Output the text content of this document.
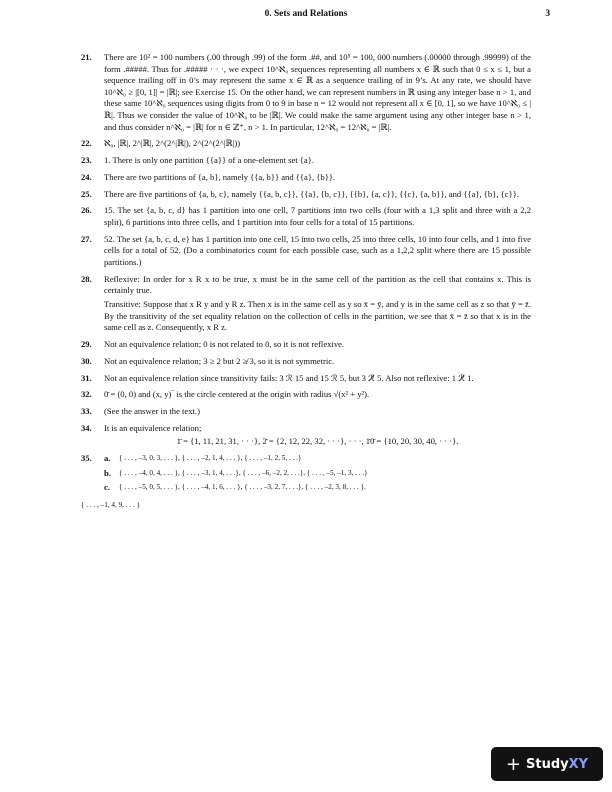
0. Sets and Relations	3
21.	There are 10² = 100 numbers (.00 through .99) of the form .##, and 10⁵ = 100, 000 numbers (.00000 through .99999) of the form .#####. Thus for .##### · · ·, we expect 10^ℵ₀ sequences representing all numbers x ∈ ℝ such that 0 ≤ x ≤ 1, but a sequence trailing off in 0’s may represent the same x ∈ ℝ as a sequence trailing of in 9’s. At any rate, we should have 10^ℵ₀ ≥ |[0, 1]| = |ℝ|; see Exercise 15. On the other hand, we can represent numbers in ℝ using any integer base n > 1, and these same 10^ℵ₀ sequences using digits from 0 to 9 in base n = 12 would not represent all x ∈ [0, 1], so we have 10^ℵ₀ ≤ |ℝ|. Thus we consider the value of 10^ℵ₀ to be |ℝ|. We could make the same argument using any other integer base n > 1, and thus consider n^ℵ₀ = |ℝ| for n ∈ ℤ⁺, n > 1. In particular, 12^ℵ₀ = 12^ℵ₀ = |ℝ|.

22.	ℵ₀, |ℝ|, 2^|ℝ|, 2^(2^|ℝ|), 2^(2^(2^|ℝ|))

23.	1. There is only one partition {{a}} of a one-element set {a}.

24.	There are two partitions of {a, b}, namely {{a, b}} and {{a}, {b}}.

25.	There are five partitions of {a, b, c}, namely {{a, b, c}}, {{a}, {b, c}}, {{b}, {a, c}}, {{c}, {a, b}}, and {{a}, {b}, {c}}.

26.	15. The set {a, b, c, d} has 1 partition into one cell, 7 partitions into two cells (four with a 1,3 split and three with a 2,2 split), 6 partitions into three cells, and 1 partition into four cells for a total of 15 partitions.

27.	52. The set {a, b, c, d, e} has 1 partition into one cell, 15 into two cells, 25 into three cells, 10 into four cells, and 1 into five cells for a total of 52. (Do a combinatorics count for each possible case, such as a 1,2,2 split where there are 15 possible partitions.)

28.	Reflexive: In order for x R x to be true, x must be in the same cell of the partition as the cell that contains x. This is certainly true.

Transitive: Suppose that x R y and y R z. Then x is in the same cell as y so x̄ = ȳ, and y is in the same cell as z so that ȳ = z̄. By the transitivity of the set equality relation on the collection of cells in the partition, we see that x̄ = z̄ so that x is in the same cell as z. Consequently, x R z.

29.	Not an equivalence relation; 0 is not related to 0, so it is not reflexive.

30.	Not an equivalence relation; 3 ≥ 2 but 2 ≱ 3, so it is not symmetric.

31.	Not an equivalence relation since transitivity fails: 3 ℛ 15 and 15 ℛ 5, but 3 ℛ̸ 5. Also not reflexive: 1 ℛ̸ 1.

32.	0̄ = (0, 0) and (x, y)‾ is the circle centered at the origin with radius √(x² + y²).

33.	(See the answer in the text.)

34.	It is an equivalence relation;

1̄ = {1, 11, 21, 31, · · ·}, 2̄ = {2, 12, 22, 32, · · ·}, · · ·, 1̄0̄ = {10, 20, 30, 40, · · ·}.

35.	a.	{ . . . , –3, 0, 3, . . . }, { . . . , –2, 1, 4, . . . }, { . . . , –1, 2, 5, . . .}
b.	{ . . . , –4, 0, 4, . . . }, { . . . , –3, 1, 4, . . .}, { . . . , –6, –2, 2, . . .}, { . . . , –5, –1, 3, . . .}
c.	{ . . . , –5, 0, 5, . . . }, { . . . , –4, 1, 6, . . . }, { . . . , –3, 2, 7, . . .}, { . . . , –2, 3, 8, . . . }.
{ . . . , –1, 4, 9, . . . }
+ Study XY
